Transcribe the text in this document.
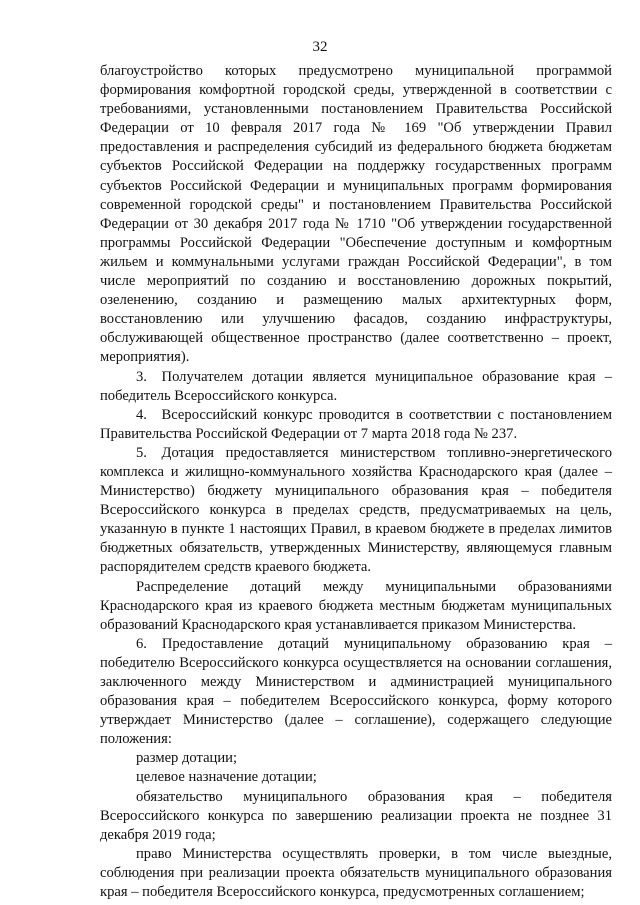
32

благоустройство которых предусмотрено муниципальной программой формирования комфортной городской среды, утвержденной в соответствии с требованиями, установленными постановлением Правительства Российской Федерации от 10 февраля 2017 года № 169 "Об утверждении Правил предоставления и распределения субсидий из федерального бюджета бюджетам субъектов Российской Федерации на поддержку государственных программ субъектов Российской Федерации и муниципальных программ формирования современной городской среды" и постановлением Правительства Российской Федерации от 30 декабря 2017 года № 1710 "Об утверждении государственной программы Российской Федерации "Обеспечение доступным и комфортным жильем и коммунальными услугами граждан Российской Федерации", в том числе мероприятий по созданию и восстановлению дорожных покрытий, озеленению, созданию и размещению малых архитектурных форм, восстановлению или улучшению фасадов, созданию инфраструктуры, обслуживающей общественное пространство (далее соответственно – проект, мероприятия).

3. Получателем дотации является муниципальное образование края – победитель Всероссийского конкурса.

4. Всероссийский конкурс проводится в соответствии с постановлением Правительства Российской Федерации от 7 марта 2018 года № 237.

5. Дотация предоставляется министерством топливно-энергетического комплекса и жилищно-коммунального хозяйства Краснодарского края (далее – Министерство) бюджету муниципального образования края – победителя Всероссийского конкурса в пределах средств, предусматриваемых на цель, указанную в пункте 1 настоящих Правил, в краевом бюджете в пределах лимитов бюджетных обязательств, утвержденных Министерству, являющемуся главным распорядителем средств краевого бюджета.

Распределение дотаций между муниципальными образованиями Краснодарского края из краевого бюджета местным бюджетам муниципальных образований Краснодарского края устанавливается приказом Министерства.

6. Предоставление дотаций муниципальному образованию края – победителю Всероссийского конкурса осуществляется на основании соглашения, заключенного между Министерством и администрацией муниципального образования края – победителем Всероссийского конкурса, форму которого утверждает Министерство (далее – соглашение), содержащего следующие положения:

размер дотации;

целевое назначение дотации;

обязательство муниципального образования края – победителя Всероссийского конкурса по завершению реализации проекта не позднее 31 декабря 2019 года;

право Министерства осуществлять проверки, в том числе выездные, соблюдения при реализации проекта обязательств муниципального образования края – победителя Всероссийского конкурса, предусмотренных соглашением;
